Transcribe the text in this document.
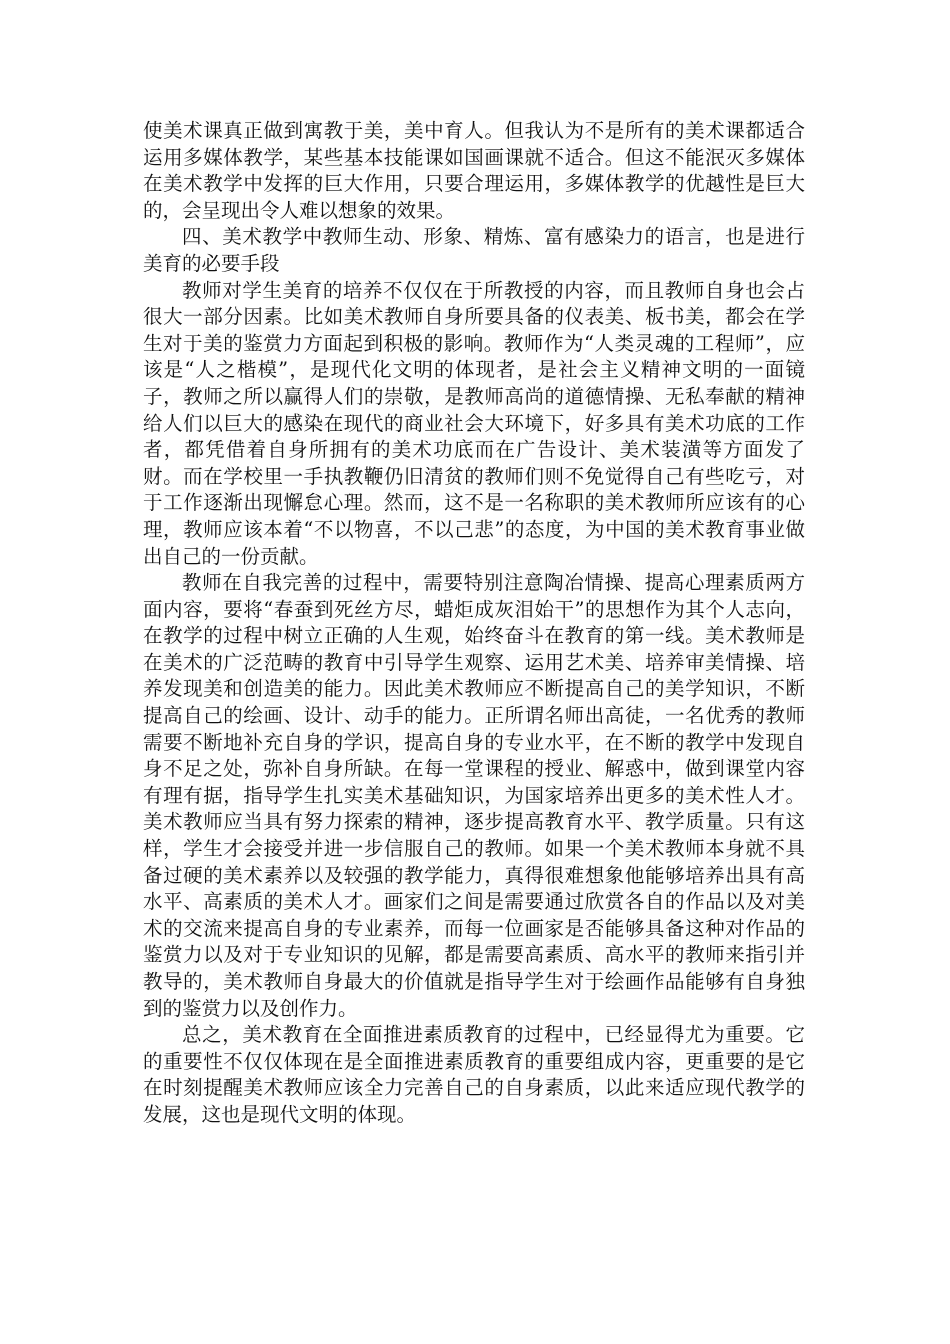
使美术课真正做到寓教于美，美中育人。但我认为不是所有的美术课都适合运用多媒体教学，某些基本技能课如国画课就不适合。但这不能泯灭多媒体在美术教学中发挥的巨大作用，只要合理运用，多媒体教学的优越性是巨大的，会呈现出令人难以想象的效果。

四、美术教学中教师生动、形象、精炼、富有感染力的语言，也是进行美育的必要手段

教师对学生美育的培养不仅仅在于所教授的内容，而且教师自身也会占很大一部分因素。比如美术教师自身所要具备的仪表美、板书美，都会在学生对于美的鉴赏力方面起到积极的影响。教师作为“人类灵魂的工程师”，应该是“人之楷模”，是现代化文明的体现者，是社会主义精神文明的一面镜子，教师之所以赢得人们的崇敬，是教师高尚的道德情操、无私奉献的精神给人们以巨大的感染在现代的商业社会大环境下，好多具有美术功底的工作者，都凭借着自身所拥有的美术功底而在广告设计、美术装潢等方面发了财。而在学校里一手执教鞭仍旧清贫的教师们则不免觉得自己有些吃亏，对于工作逐渐出现懈怠心理。然而，这不是一名称职的美术教师所应该有的心理，教师应该本着“不以物喜，不以己悲”的态度，为中国的美术教育事业做出自己的一份贡献。

教师在自我完善的过程中，需要特别注意陶冶情操、提高心理素质两方面内容，要将“春蚕到死丝方尽，蜡炬成灰泪始干”的思想作为其个人志向，在教学的过程中树立正确的人生观，始终奋斗在教育的第一线。美术教师是在美术的广泛范畴的教育中引导学生观察、运用艺术美、培养审美情操、培养发现美和创造美的能力。因此美术教师应不断提高自己的美学知识，不断提高自己的绘画、设计、动手的能力。正所谓名师出高徒，一名优秀的教师需要不断地补充自身的学识，提高自身的专业水平，在不断的教学中发现自身不足之处，弥补自身所缺。在每一堂课程的授业、解惑中，做到课堂内容有理有据，指导学生扎实美术基础知识，为国家培养出更多的美术性人才。美术教师应当具有努力探索的精神，逐步提高教育水平、教学质量。只有这样，学生才会接受并进一步信服自己的教师。如果一个美术教师本身就不具备过硬的美术素养以及较强的教学能力，真得很难想象他能够培养出具有高水平、高素质的美术人才。画家们之间是需要通过欣赏各自的作品以及对美术的交流来提高自身的专业素养，而每一位画家是否能够具备这种对作品的鉴赏力以及对于专业知识的见解，都是需要高素质、高水平的教师来指引并教导的，美术教师自身最大的价值就是指导学生对于绘画作品能够有自身独到的鉴赏力以及创作力。

总之，美术教育在全面推进素质教育的过程中，已经显得尤为重要。它的重要性不仅仅体现在是全面推进素质教育的重要组成内容，更重要的是它在时刻提醒美术教师应该全力完善自己的自身素质，以此来适应现代教学的发展，这也是现代文明的体现。
